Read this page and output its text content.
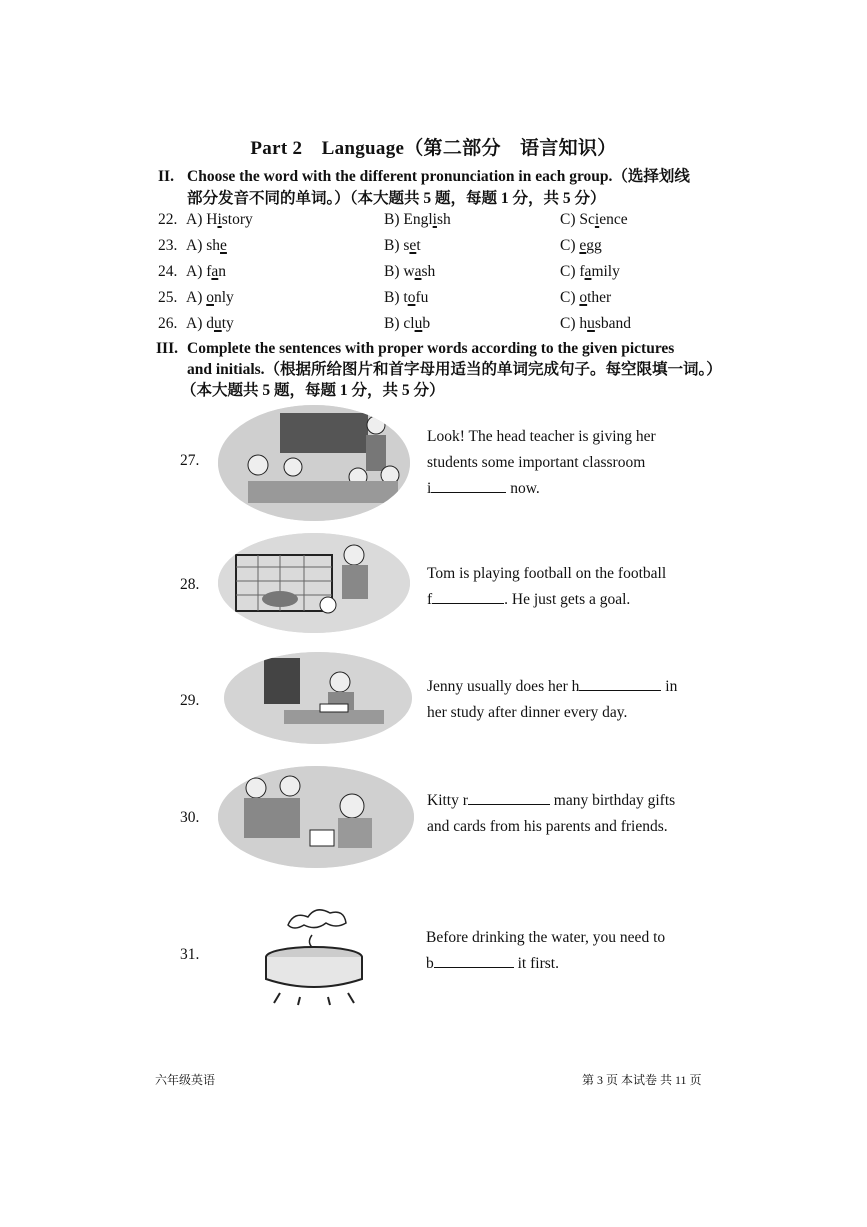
Part 2　Language（第二部分　语言知识）
II. Choose the word with the different pronunciation in each group.（选择划线
部分发音不同的单词。）（本大题共 5 题，每题 1 分，共 5 分）
22. A) History	B) English	C) Science
23. A) she	B) set	C) egg
24. A) fan	B) wash	C) family
25. A) only	B) tofu	C) other
26. A) duty	B) club	C) husband
III. Complete the sentences with proper words according to the given pictures
and initials.（根据所给图片和首字母用适当的单词完成句子。每空限填一词。）
（本大题共 5 题，每题 1 分，共 5 分）
27.
Look! The head teacher is giving her
students some important classroom
i	now.
28.
Tom is playing football on the football
f	. He just gets a goal.
29.
Jenny usually does her h	in
her study after dinner every day.
30.
Kitty r	many birthday gifts
and cards from his parents and friends.
31.
Before drinking the water, you need to
b	it first.
六年级英语	第 3 页 本试卷 共 11 页
